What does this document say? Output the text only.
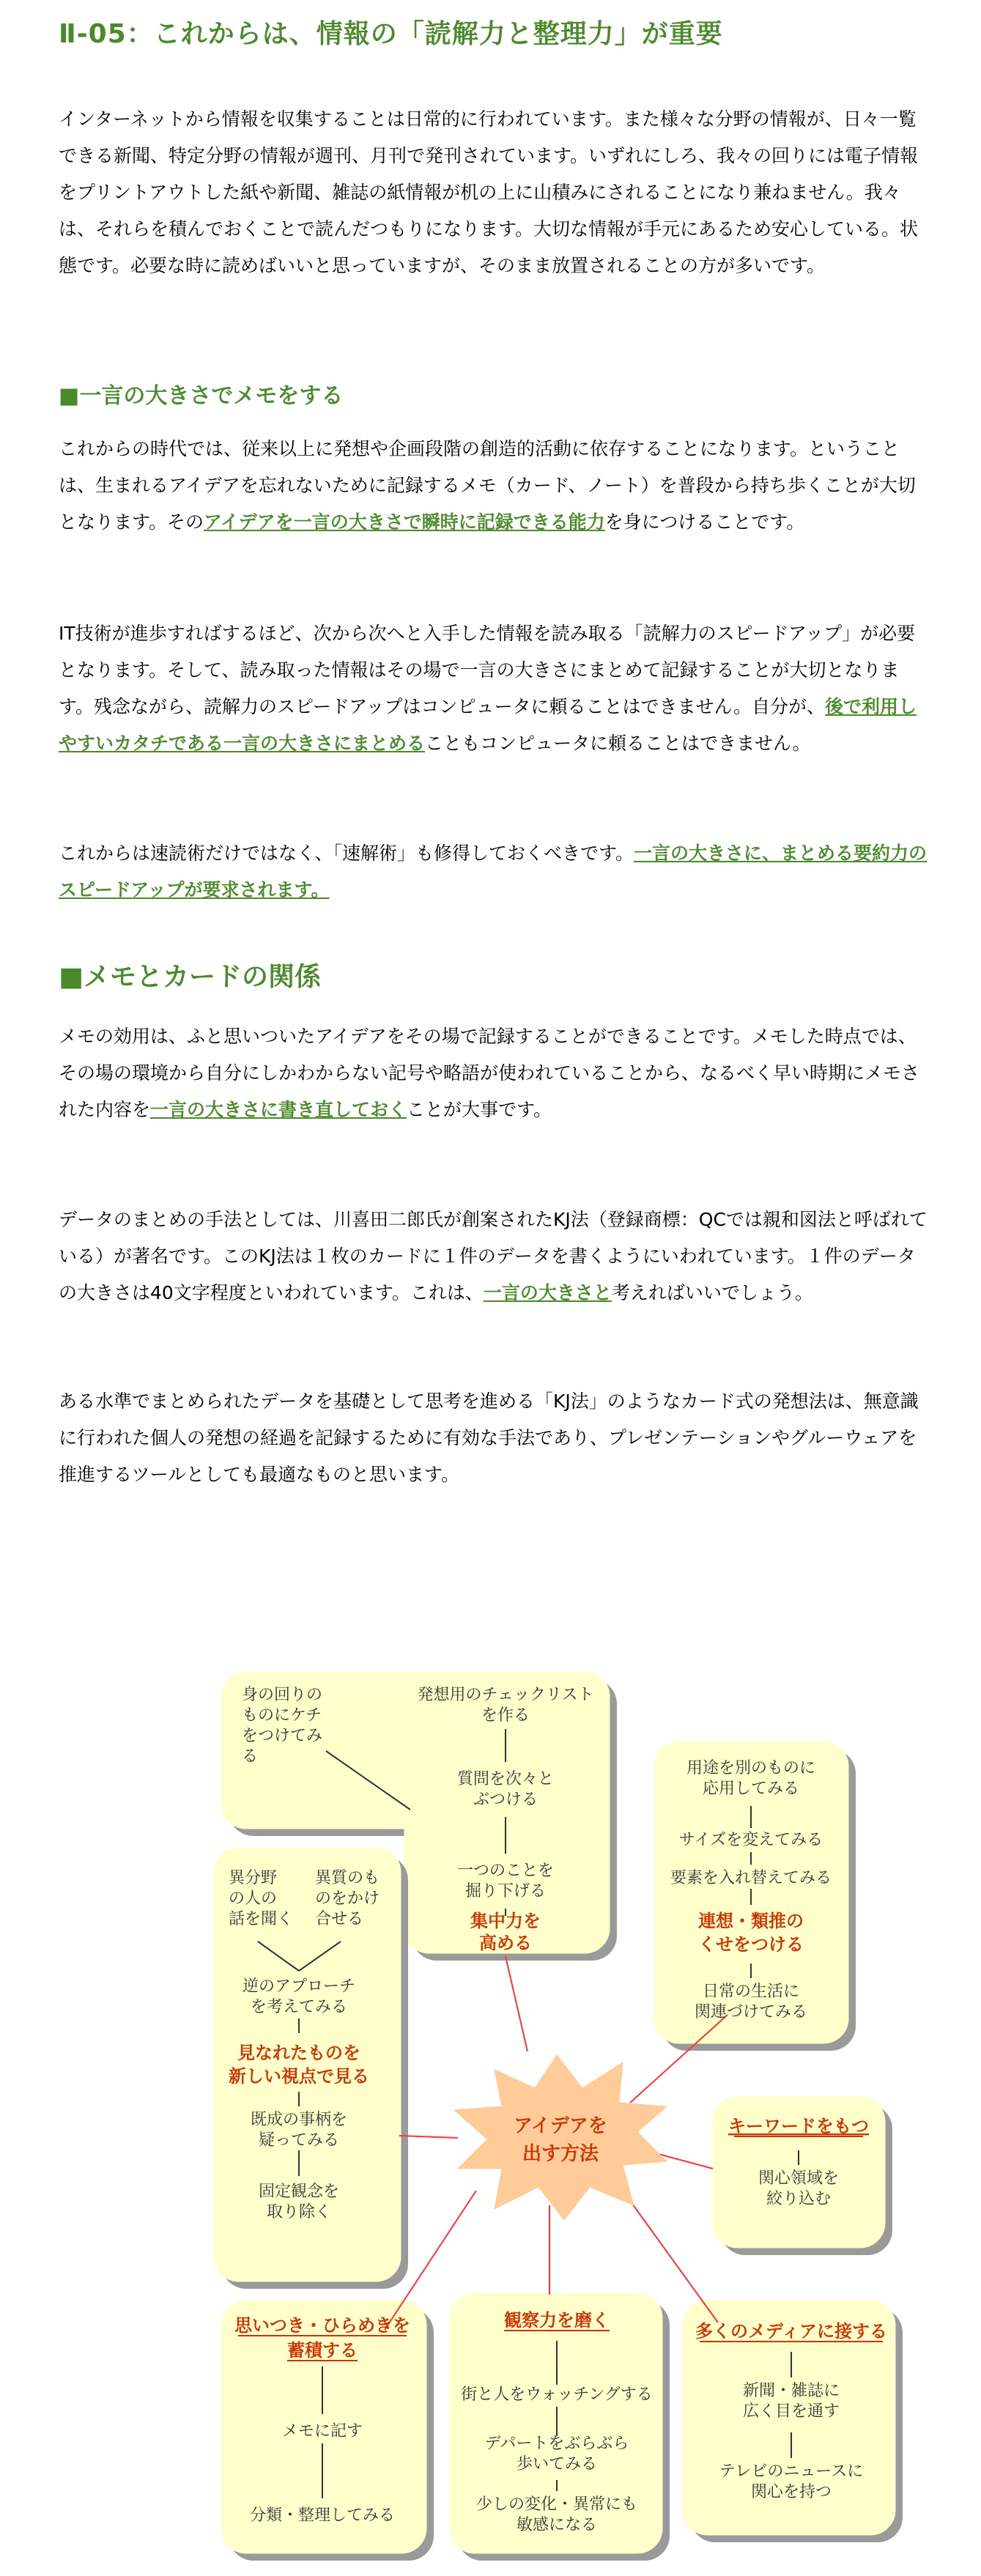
Ⅱ-05：これからは、情報の「読解力と整理力」が重要

インターネットから情報を収集することは日常的に行われています。また様々な分野の情報が、日々一覧できる新聞、特定分野の情報が週刊、月刊で発刊されています。いずれにしろ、我々の回りには電子情報をプリントアウトした紙や新聞、雑誌の紙情報が机の上に山積みにされることになり兼ねません。我々は、それらを積んでおくことで読んだつもりになります。大切な情報が手元にあるため安心している。状態です。必要な時に読めばいいと思っていますが、そのまま放置されることの方が多いです。

■一言の大きさでメモをする

これからの時代では、従来以上に発想や企画段階の創造的活動に依存することになります。ということは、生まれるアイデアを忘れないために記録するメモ（カード、ノート）を普段から持ち歩くことが大切となります。そのアイデアを一言の大きさで瞬時に記録できる能力を身につけることです。

IT技術が進歩すればするほど、次から次へと入手した情報を読み取る「読解力のスピードアップ」が必要となります。そして、読み取った情報はその場で一言の大きさにまとめて記録することが大切となります。残念ながら、読解力のスピードアップはコンピュータに頼ることはできません。自分が、後で利用しやすいカタチである一言の大きさにまとめることもコンピュータに頼ることはできません。

これからは速読術だけではなく、「速解術」も修得しておくべきです。一言の大きさに、まとめる要約力のスピードアップが要求されます。

■メモとカードの関係

メモの効用は、ふと思いついたアイデアをその場で記録することができることです。メモした時点では、その場の環境から自分にしかわからない記号や略語が使われていることから、なるべく早い時期にメモされた内容を一言の大きさに書き直しておくことが大事です。

データのまとめの手法としては、川喜田二郎氏が創案されたKJ法（登録商標：QCでは親和図法と呼ばれている）が著名です。このKJ法は１枚のカードに１件のデータを書くようにいわれています。１件のデータの大きさは40文字程度といわれています。これは、一言の大きさと考えればいいでしょう。

ある水準でまとめられたデータを基礎として思考を進める「KJ法」のようなカード式の発想法は、無意識に行われた個人の発想の経過を記録するために有効な手法であり、プレゼンテーションやグルーウェアを推進するツールとしても最適なものと思います。

アイデアを
出す方法
身の回りの
ものにケチ
をつけてみ
る
発想用のチェックリスト
を作る
質問を次々と
ぶつける
一つのことを
掘り下げる
集中力を
高める
用途を別のものに
応用してみる
サイズを変えてみる
要素を入れ替えてみる
連想・類推の
くせをつける
日常の生活に
関連づけてみる
異分野
の人の
話を聞く
異質のも
のをかけ
合せる
逆のアプローチ
を考えてみる
見なれたものを
新しい視点で見る
既成の事柄を
疑ってみる
固定観念を
取り除く
キーワードをもつ
関心領域を
絞り込む
思いつき・ひらめきを
蓄積する
メモに記す
分類・整理してみる
観察力を磨く
街と人をウォッチングする
デパートをぶらぶら
歩いてみる
少しの変化・異常にも
敏感になる
多くのメディアに接する
新聞・雑誌に
広く目を通す
テレビのニュースに
関心を持つ
